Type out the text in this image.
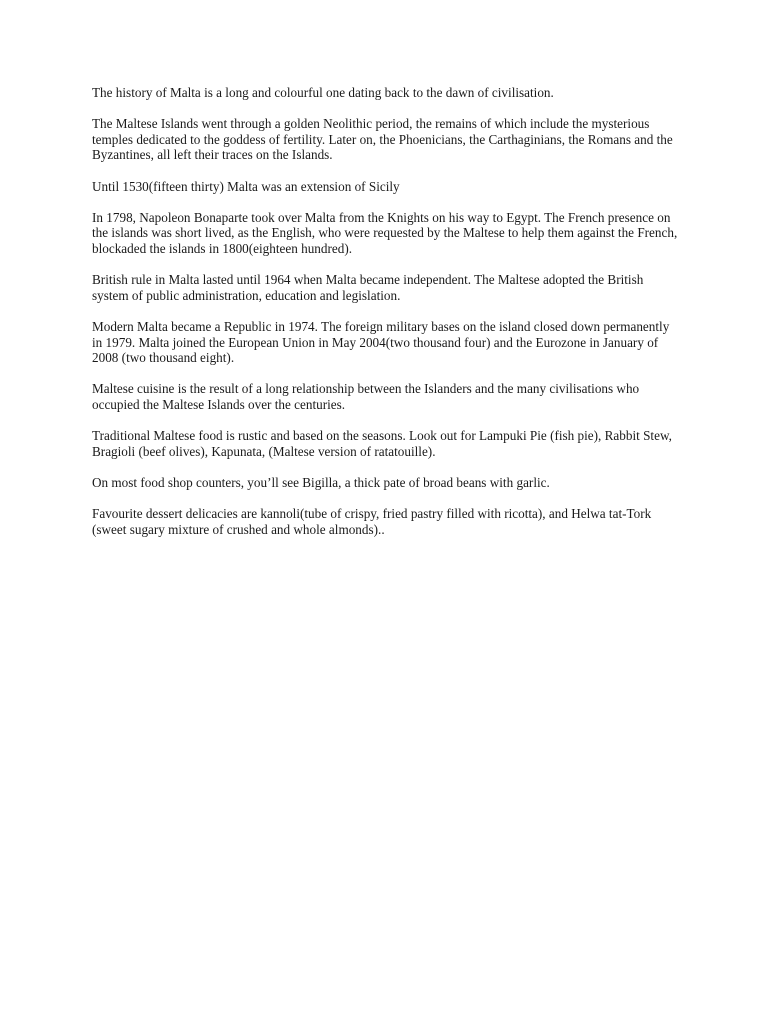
The history of Malta is a long and colourful one dating back to the dawn of civilisation.

The Maltese Islands went through a golden Neolithic period, the remains of which include the mysterious temples dedicated to the goddess of fertility. Later on, the Phoenicians, the Carthaginians, the Romans and the Byzantines, all left their traces on the Islands.

Until 1530(fifteen thirty) Malta was an extension of Sicily

In 1798, Napoleon Bonaparte took over Malta from the Knights on his way to Egypt. The French presence on the islands was short lived, as the English, who were requested by the Maltese to help them against the French, blockaded the islands in 1800(eighteen hundred).

British rule in Malta lasted until 1964 when Malta became independent. The Maltese adopted the British system of public administration, education and legislation.

Modern Malta became a Republic in 1974. The foreign military bases on the island closed down permanently in 1979. Malta joined the European Union in May 2004(two thousand four) and the Eurozone in January of 2008 (two thousand eight).

Maltese cuisine is the result of a long relationship between the Islanders and the many civilisations who occupied the Maltese Islands over the centuries.

Traditional Maltese food is rustic and based on the seasons. Look out for Lampuki Pie (fish pie), Rabbit Stew, Bragioli (beef olives), Kapunata, (Maltese version of ratatouille).

On most food shop counters, you’ll see Bigilla, a thick pate of broad beans with garlic.

Favourite dessert delicacies are kannoli(tube of crispy, fried pastry filled with ricotta), and Helwa tat-Tork (sweet sugary mixture of crushed and whole almonds)..
